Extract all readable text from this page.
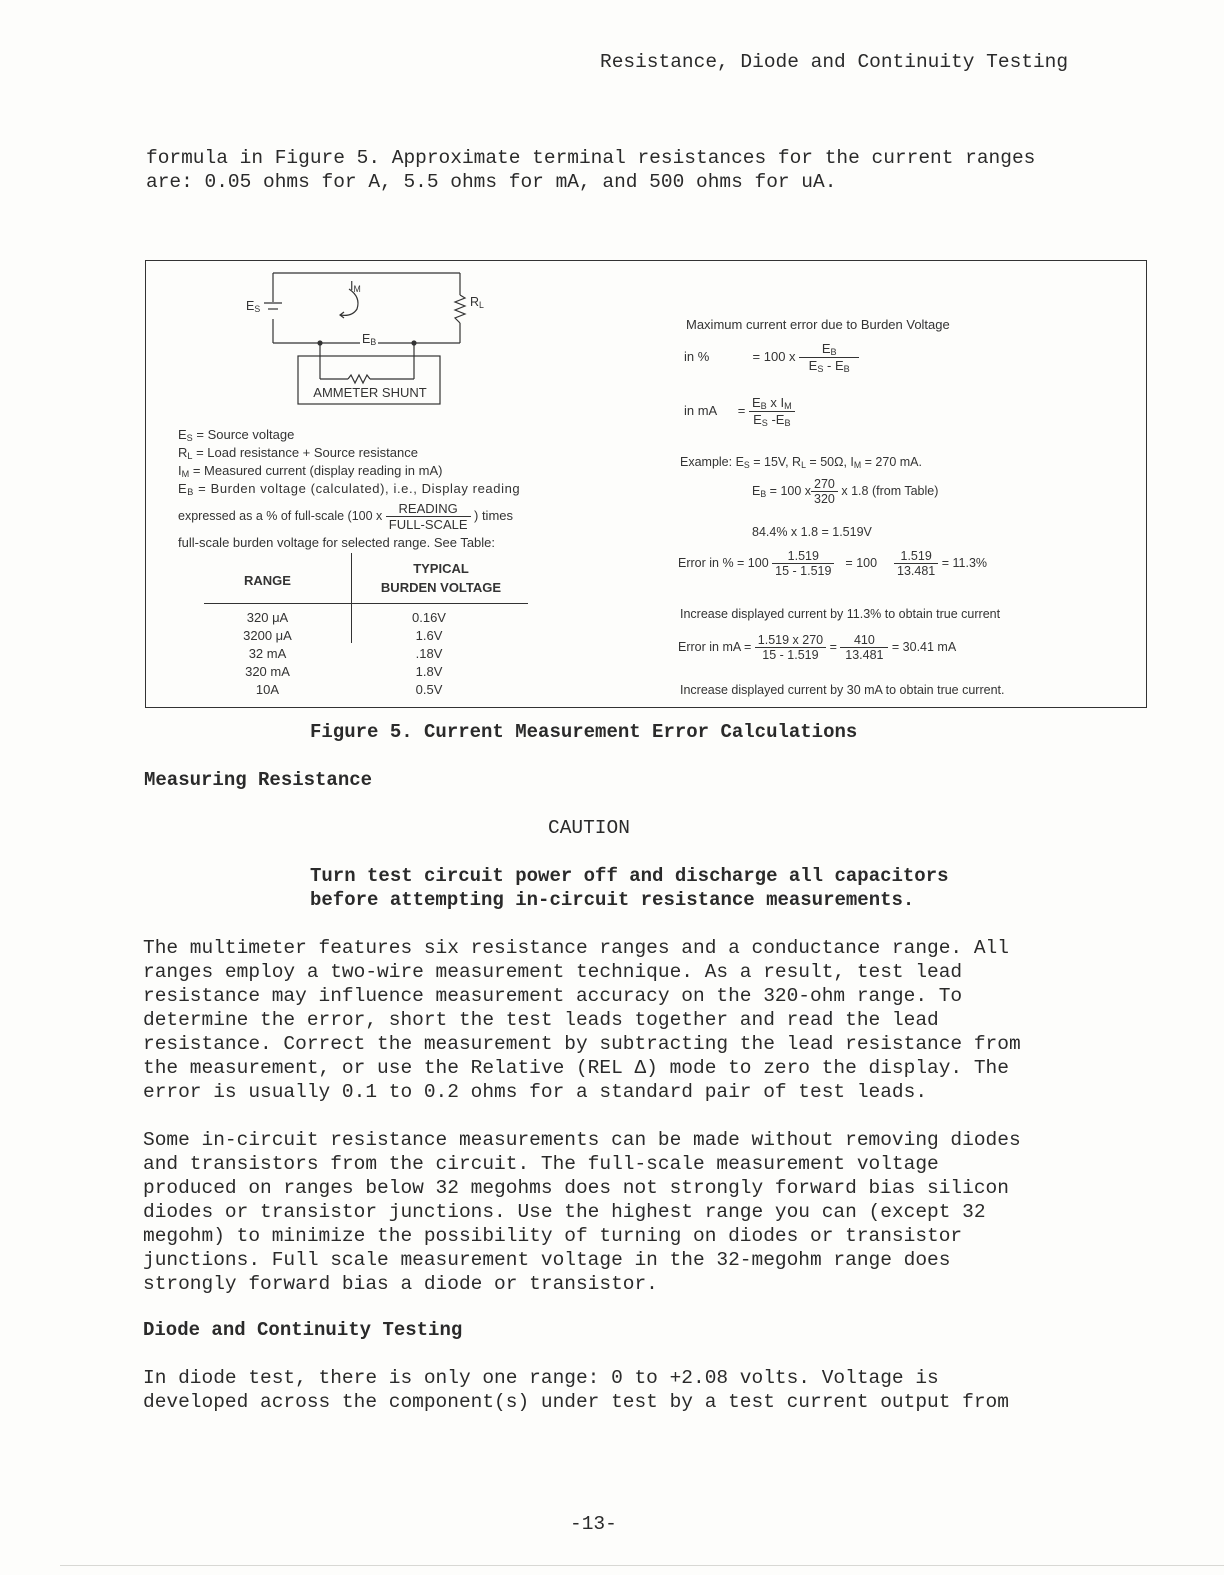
Resistance, Diode and Continuity Testing
formula in Figure 5. Approximate terminal resistances for the current ranges
are: 0.05 ohms for A, 5.5 ohms for mA, and 500 ohms for uA.
$E_S$
$I_M$
$R_L$
$E_B$
AMMETER SHUNT
$E_S$ = Source voltage
$R_L$ = Load resistance + Source resistance
$I_M$ = Measured current (display reading in mA)
$E_B$ = Burden voltage (calculated), i.e., Display reading
expressed as a % of full-scale (100 x $\frac{\text{READING}}{\text{FULL-SCALE}}$ ) times
full-scale burden voltage for selected range. See Table:
RANGE
TYPICAL
BURDEN VOLTAGE
320 μA	0.16V
3200 μA	1.6V
32 mA	.18V
320 mA	1.8V
10A	0.5V
Maximum current error due to Burden Voltage
in %	= 100 x $\frac{E_B}{E_S - E_B}$
in mA = $\frac{E_B x I_M}{E_S -E_B}$
Example: $E_S = 15V$, $R_L = 50\Omega$, $I_M = 270$ mA.
$E_B = 100$ x $\frac{270}{320}$ x 1.8 (from Table)
84.4% x 1.8 = 1.519V
Error in % = $100 \frac{1.519}{15 - 1.519} = 100 \frac{1.519}{13.481} = 11.3\%$
Increase displayed current by 11.3% to obtain true current
Error in mA = $\frac{1.519 x 270}{15 - 1.519} = \frac{410}{13.481} = 30.41$ mA
Increase displayed current by 30 mA to obtain true current.
Figure 5. Current Measurement Error Calculations
Measuring Resistance
CAUTION
Turn test circuit power off and discharge all capacitors
before attempting in-circuit resistance measurements.
The multimeter features six resistance ranges and a conductance range. All
ranges employ a two-wire measurement technique. As a result, test lead
resistance may influence measurement accuracy on the 320-ohm range. To
determine the error, short the test leads together and read the lead
resistance. Correct the measurement by subtracting the lead resistance from
the measurement, or use the Relative (REL Δ) mode to zero the display. The
error is usually 0.1 to 0.2 ohms for a standard pair of test leads.
Some in-circuit resistance measurements can be made without removing diodes
and transistors from the circuit. The full-scale measurement voltage
produced on ranges below 32 megohms does not strongly forward bias silicon
diodes or transistor junctions. Use the highest range you can (except 32
megohm) to minimize the possibility of turning on diodes or transistor
junctions. Full scale measurement voltage in the 32-megohm range does
strongly forward bias a diode or transistor.
Diode and Continuity Testing
In diode test, there is only one range: 0 to +2.08 volts. Voltage is
developed across the component(s) under test by a test current output from
-13-
